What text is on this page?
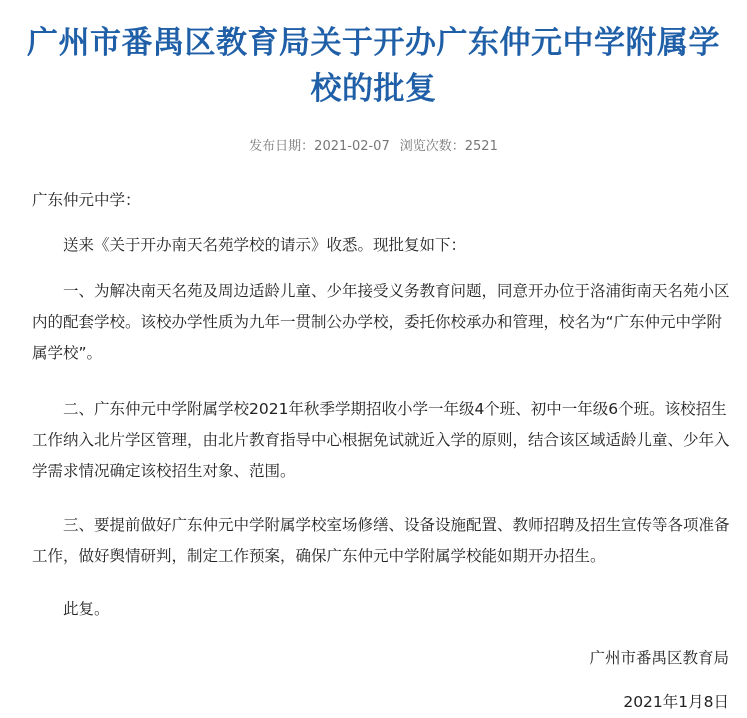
广州市番禺区教育局关于开办广东仲元中学附属学校的批复
发布日期：2021-02-07 浏览次数：2521

广东仲元中学：

送来《关于开办南天名苑学校的请示》收悉。现批复如下：

一、为解决南天名苑及周边适龄儿童、少年接受义务教育问题，同意开办位于洛浦街南天名苑小区内的配套学校。该校办学性质为九年一贯制公办学校，委托你校承办和管理，校名为“广东仲元中学附属学校”。

二、广东仲元中学附属学校2021年秋季学期招收小学一年级4个班、初中一年级6个班。该校招生工作纳入北片学区管理，由北片教育指导中心根据免试就近入学的原则，结合该区域适龄儿童、少年入学需求情况确定该校招生对象、范围。

三、要提前做好广东仲元中学附属学校室场修缮、设备设施配置、教师招聘及招生宣传等各项准备工作，做好舆情研判，制定工作预案，确保广东仲元中学附属学校能如期开办招生。

此复。

广州市番禺区教育局
2021年1月8日
